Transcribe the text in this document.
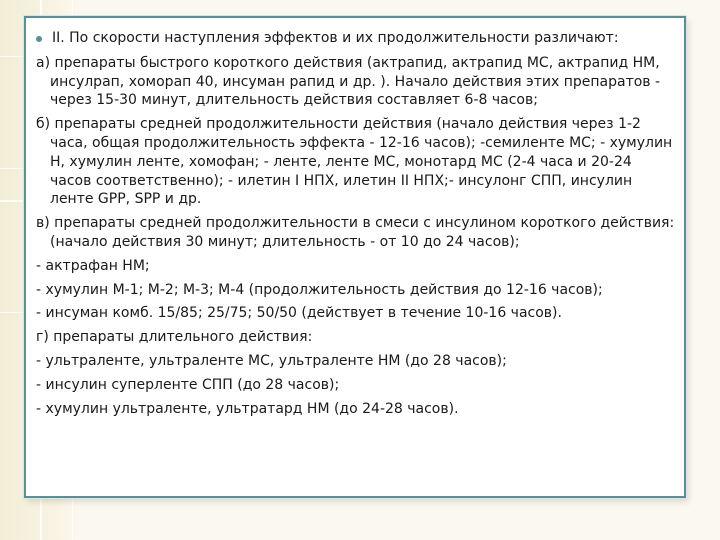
II. По скорости наступления эффектов и их продолжительности различают:
а) препараты быстрого короткого действия (актрапид, актрапид МС, актрапид НМ, инсулрап, хоморап 40, инсуман рапид и др. ). Начало действия этих препаратов - через 15-30 минут, длительность действия составляет 6-8 часов;
б) препараты средней продолжительности действия (начало действия через 1-2 часа, общая продолжительность эффекта - 12-16 часов); -семиленте МС; - хумулин Н, хумулин ленте, хомофан; - ленте, ленте МС, монотард МС (2-4 часа и 20-24 часов соответственно); - илетин I НПХ, илетин II НПХ;- инсулонг СПП, инсулин ленте GPP, SPP и др.
в) препараты средней продолжительности в смеси с инсулином короткого действия: (начало действия 30 минут; длительность - от 10 до 24 часов);
- актрафан НМ;
- хумулин М-1; М-2; М-3; М-4 (продолжительность действия до 12-16 часов);
- инсуман комб. 15/85; 25/75; 50/50 (действует в течение 10-16 часов).
г) препараты длительного действия:
- ультраленте, ультраленте МС, ультраленте НМ (до 28 часов);
- инсулин суперленте СПП (до 28 часов);
- хумулин ультраленте, ультратард НМ (до 24-28 часов).
